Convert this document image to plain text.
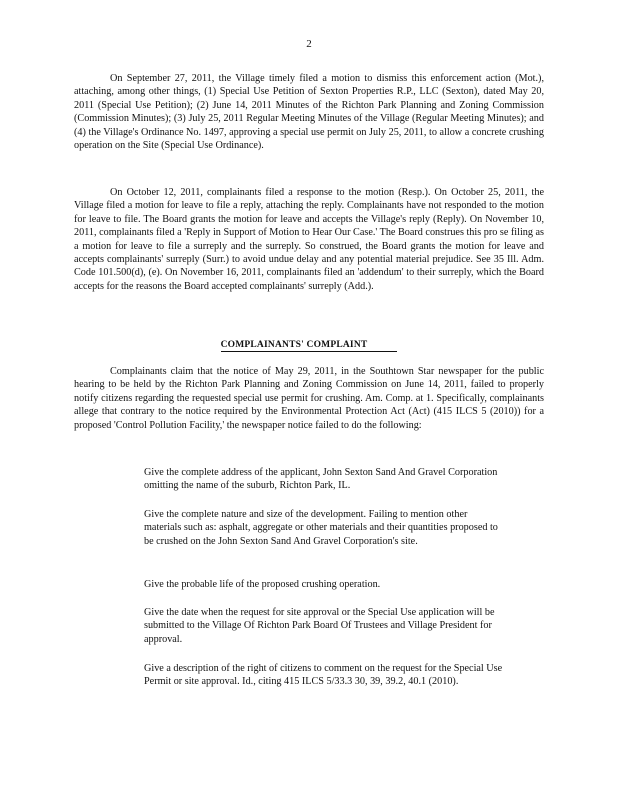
2

On September 27, 2011, the Village timely filed a motion to dismiss this enforcement action (Mot.), attaching, among other things, (1) Special Use Petition of Sexton Properties R.P., LLC (Sexton), dated May 20, 2011 (Special Use Petition); (2) June 14, 2011 Minutes of the Richton Park Planning and Zoning Commission (Commission Minutes); (3) July 25, 2011 Regular Meeting Minutes of the Village (Regular Meeting Minutes); and (4) the Village's Ordinance No. 1497, approving a special use permit on July 25, 2011, to allow a concrete crushing operation on the Site (Special Use Ordinance).

On October 12, 2011, complainants filed a response to the motion (Resp.). On October 25, 2011, the Village filed a motion for leave to file a reply, attaching the reply. Complainants have not responded to the motion for leave to file. The Board grants the motion for leave and accepts the Village's reply (Reply). On November 10, 2011, complainants filed a 'Reply in Support of Motion to Hear Our Case.' The Board construes this pro se filing as a motion for leave to file a surreply and the surreply. So construed, the Board grants the motion for leave and accepts complainants' surreply (Surr.) to avoid undue delay and any potential material prejudice. See 35 Ill. Adm. Code 101.500(d), (e). On November 16, 2011, complainants filed an 'addendum' to their surreply, which the Board accepts for the reasons the Board accepted complainants' surreply (Add.).

COMPLAINANTS' COMPLAINT

Complainants claim that the notice of May 29, 2011, in the Southtown Star newspaper for the public hearing to be held by the Richton Park Planning and Zoning Commission on June 14, 2011, failed to properly notify citizens regarding the requested special use permit for crushing. Am. Comp. at 1. Specifically, complainants allege that contrary to the notice required by the Environmental Protection Act (Act) (415 ILCS 5 (2010)) for a proposed 'Control Pollution Facility,' the newspaper notice failed to do the following:

Give the complete address of the applicant, John Sexton Sand And Gravel Corporation omitting the name of the suburb, Richton Park, IL.
Give the complete nature and size of the development. Failing to mention other materials such as: asphalt, aggregate or other materials and their quantities proposed to be crushed on the John Sexton Sand And Gravel Corporation's site.
Give the probable life of the proposed crushing operation.
Give the date when the request for site approval or the Special Use application will be submitted to the Village Of Richton Park Board Of Trustees and Village President for approval.
Give a description of the right of citizens to comment on the request for the Special Use Permit or site approval. Id., citing 415 ILCS 5/33.3 30, 39, 39.2, 40.1 (2010).
